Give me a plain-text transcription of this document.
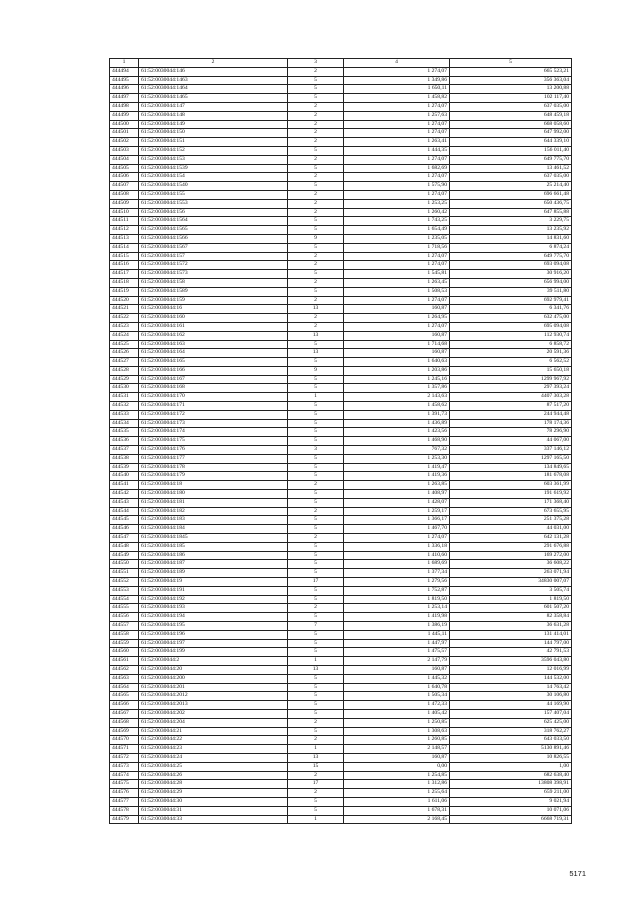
1	2	3	4	5
444494	61:52:0030044:146	2	1 274,07	665 523,21
444495	61:52:0030044:1463	5	1 349,86	356 363,04
444496	61:52:0030044:1464	5	1 650,11	13 200,88
444497	61:52:0030044:1465	5	1 458,82	102 117,40
444498	61:52:0030044:147	2	1 274,07	637 035,00
444499	61:52:0030044:148	2	1 257,63	648 459,18
444500	61:52:0030044:149	2	1 274,07	668 058,60
444501	61:52:0030044:150	2	1 274,07	647 992,00
444502	61:52:0030044:151	2	1 263,41	644 339,10
444503	61:52:0030044:152	5	1 444,35	156 011,40
444504	61:52:0030044:153	2	1 274,07	649 775,70
444505	61:52:0030044:1539	5	1 682,69	13 461,52
444506	61:52:0030044:154	2	1 274,07	637 035,00
444507	61:52:0030044:1540	5	1 575,90	25 214,40
444508	61:52:0030044:155	2	1 274,07	696 661,48
444509	61:52:0030044:1553	2	1 253,25	650 436,75
444510	61:52:0030044:156	2	1 260,42	647 855,88
444511	61:52:0030044:1564	5	1 743,25	3 229,75
444512	61:52:0030044:1565	5	1 654,49	13 235,92
444513	61:52:0030044:1566	9	1 235,05	14 831,60
444514	61:52:0030044:1567	5	1 718,56	6 874,24
444515	61:52:0030044:157	2	1 274,07	649 775,70
444516	61:52:0030044:1572	2	1 274,07	693 094,08
444517	61:52:0030044:1573	5	1 545,81	30 916,20
444518	61:52:0030044:158	2	1 263,45	656 994,00
444519	61:52:0030044:1589	5	1 508,53	39 511,80
444520	61:52:0030044:159	2	1 274,07	692 979,41
444521	61:52:0030044:16	13	160,87	6 341,76
444522	61:52:0030044:160	2	1 264,95	632 475,00
444523	61:52:0030044:161	2	1 274,07	695 094,08
444524	61:52:0030044:162	13	160,87	112 930,74
444525	61:52:0030044:163	5	1 714,68	6 858,72
444526	61:52:0030044:164	13	160,87	20 591,36
444527	61:52:0030044:165	5	1 640,63	6 562,52
444528	61:52:0030044:166	9	1 203,86	15 650,18
444529	61:52:0030044:167	5	1 245,16	1299 967,92
444530	61:52:0030044:168	5	1 357,86	297 393,24
444531	61:52:0030044:170	1	2 143,63	4407 303,28
444532	61:52:0030044:171	5	1 458,62	87 517,20
444533	61:52:0030044:172	5	1 391,73	244 944,48
444534	61:52:0030044:173	5	1 436,89	178 174,36
444535	61:52:0030044:174	5	1 423,56	78 296,90
444536	61:52:0030044:175	5	1 468,90	44 067,00
444537	61:52:0030044:176	3	767,32	337 146,12
444538	61:52:0030044:177	5	1 253,30	1297 165,50
444539	61:52:0030044:178	5	1 419,47	134 849,65
444540	61:52:0030044:179	5	1 419,36	181 678,08
444541	61:52:0030044:18	2	1 263,85	603 361,99
444542	61:52:0030044:180	5	1 408,97	191 619,92
444543	61:52:0030044:181	5	1 428,07	171 368,40
444544	61:52:0030044:182	2	1 259,17	673 655,95
444545	61:52:0030044:183	5	1 366,17	251 375,28
444546	61:52:0030044:184	5	1 467,70	44 031,00
444547	61:52:0030044:1845	2	1 274,07	642 131,28
444548	61:52:0030044:185	5	1 336,18	291 676,88
444549	61:52:0030044:186	5	1 410,60	169 272,00
444550	61:52:0030044:187	5	1 689,69	36 608,22
444551	61:52:0030044:189	5	1 377,34	263 071,94
444552	61:52:0030044:19	17	1 279,56	34830 007,07
444553	61:52:0030044:191	5	1 752,87	3 505,74
444554	61:52:0030044:192	5	1 819,50	1 819,50
444555	61:52:0030044:193	2	1 253,14	601 507,20
444556	61:52:0030044:194	5	1 419,98	82 358,84
444557	61:52:0030044:195	7	1 386,19	36 631,28
444558	61:52:0030044:196	5	1 445,11	131 414,01
444559	61:52:0030044:197	5	1 447,97	144 797,00
444560	61:52:0030044:199	5	1 475,57	42 791,53
444561	61:52:0030044:2	1	2 147,79	3596 043,80
444562	61:52:0030044:20	13	160,87	12 016,99
444563	61:52:0030044:200	5	1 445,32	144 532,00
444564	61:52:0030044:201	5	1 640,78	14 763,42
444565	61:52:0030044:2012	5	1 505,34	30 106,80
444566	61:52:0030044:2013	5	1 472,33	44 169,90
444567	61:52:0030044:202	5	1 405,42	157 407,04
444568	61:52:0030044:204	2	1 250,85	625 425,00
444569	61:52:0030044:21	5	1 308,63	318 762,27
444570	61:52:0030044:22	2	1 260,85	643 033,50
444571	61:52:0030044:23	1	2 148,57	5130 891,46
444572	61:52:0030044:24	13	160,87	10 826,55
444573	61:52:0030044:25	15	0,00	1,00
444574	61:52:0030044:26	2	1 254,85	682 638,40
444575	61:52:0030044:28	17	1 312,86	13808 398,91
444576	61:52:0030044:29	2	1 255,64	659 211,00
444577	61:52:0030044:30	5	1 611,06	9 021,94
444578	61:52:0030044:31	5	1 678,31	10 071,06
444579	61:52:0030044:33	1	2 168,45	6668 719,31
5171
